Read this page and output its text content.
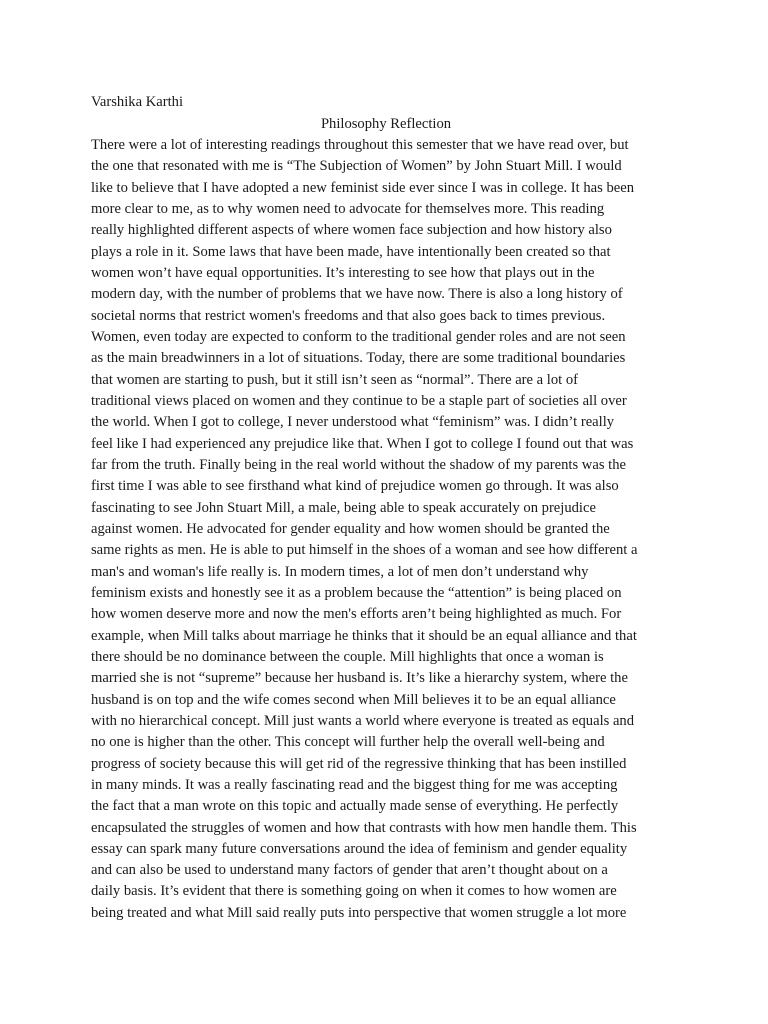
Varshika Karthi
Philosophy Reflection
There were a lot of interesting readings throughout this semester that we have read over, but
the one that resonated with me is “The Subjection of Women” by John Stuart Mill. I would
like to believe that I have adopted a new feminist side ever since I was in college. It has been
more clear to me, as to why women need to advocate for themselves more. This reading
really highlighted different aspects of where women face subjection and how history also
plays a role in it. Some laws that have been made, have intentionally been created so that
women won’t have equal opportunities. It’s interesting to see how that plays out in the
modern day, with the number of problems that we have now. There is also a long history of
societal norms that restrict women's freedoms and that also goes back to times previous.
Women, even today are expected to conform to the traditional gender roles and are not seen
as the main breadwinners in a lot of situations. Today, there are some traditional boundaries
that women are starting to push, but it still isn’t seen as “normal”. There are a lot of
traditional views placed on women and they continue to be a staple part of societies all over
the world. When I got to college, I never understood what “feminism” was. I didn’t really
feel like I had experienced any prejudice like that. When I got to college I found out that was
far from the truth. Finally being in the real world without the shadow of my parents was the
first time I was able to see firsthand what kind of prejudice women go through. It was also
fascinating to see John Stuart Mill, a male, being able to speak accurately on prejudice
against women. He advocated for gender equality and how women should be granted the
same rights as men. He is able to put himself in the shoes of a woman and see how different a
man's and woman's life really is. In modern times, a lot of men don’t understand why
feminism exists and honestly see it as a problem because the “attention” is being placed on
how women deserve more and now the men's efforts aren’t being highlighted as much. For
example, when Mill talks about marriage he thinks that it should be an equal alliance and that
there should be no dominance between the couple. Mill highlights that once a woman is
married she is not “supreme” because her husband is. It’s like a hierarchy system, where the
husband is on top and the wife comes second when Mill believes it to be an equal alliance
with no hierarchical concept. Mill just wants a world where everyone is treated as equals and
no one is higher than the other. This concept will further help the overall well-being and
progress of society because this will get rid of the regressive thinking that has been instilled
in many minds. It was a really fascinating read and the biggest thing for me was accepting
the fact that a man wrote on this topic and actually made sense of everything. He perfectly
encapsulated the struggles of women and how that contrasts with how men handle them. This
essay can spark many future conversations around the idea of feminism and gender equality
and can also be used to understand many factors of gender that aren’t thought about on a
daily basis. It’s evident that there is something going on when it comes to how women are
being treated and what Mill said really puts into perspective that women struggle a lot more
